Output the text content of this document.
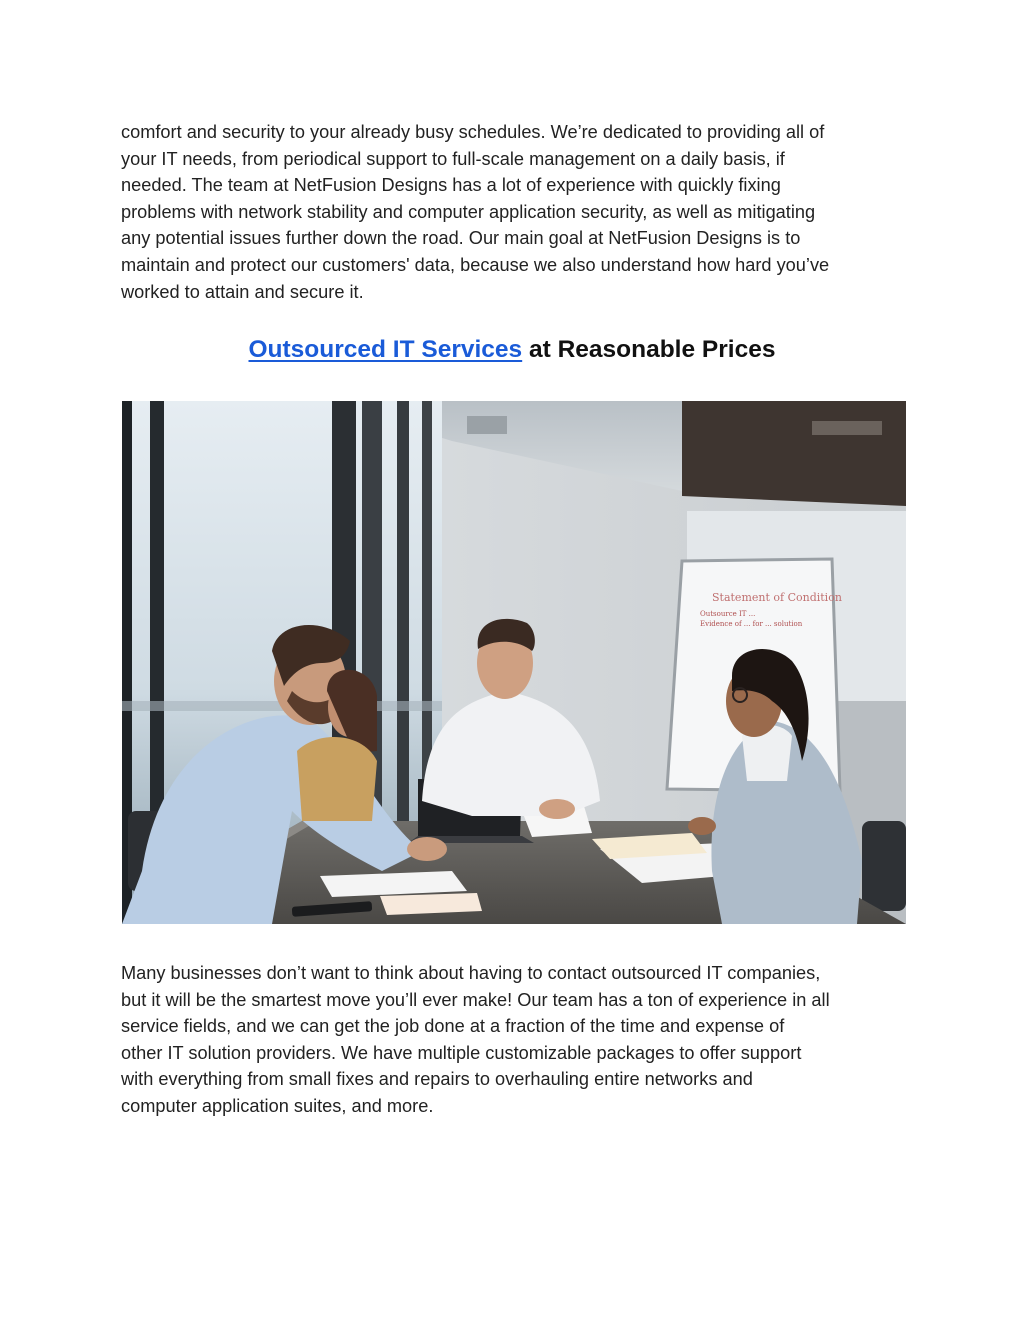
comfort and security to your already busy schedules. We’re dedicated to providing all of
your IT needs, from periodical support to full-scale management on a daily basis, if
needed. The team at NetFusion Designs has a lot of experience with quickly fixing
problems with network stability and computer application security, as well as mitigating
any potential issues further down the road. Our main goal at NetFusion Designs is to
maintain and protect our customers' data, because we also understand how hard you’ve
worked to attain and secure it.

Outsourced IT Services at Reasonable Prices
Statement of Condition
Outsource IT ...
Evidence of ... for ... solution

Many businesses don’t want to think about having to contact outsourced IT companies,
but it will be the smartest move you’ll ever make! Our team has a ton of experience in all
service fields, and we can get the job done at a fraction of the time and expense of
other IT solution providers. We have multiple customizable packages to offer support
with everything from small fixes and repairs to overhauling entire networks and
computer application suites, and more.
